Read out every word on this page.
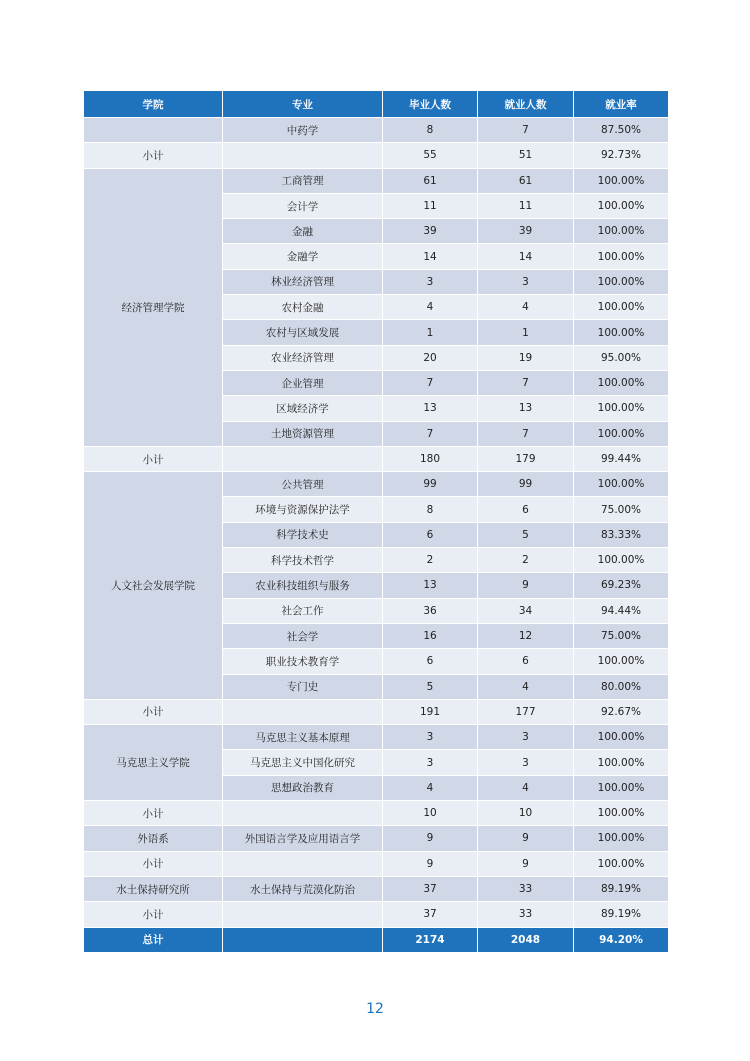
学院	专业	毕业人数	就业人数	就业率
	中药学	8	7	87.50%
小计		55	51	92.73%
经济管理学院	工商管理	61	61	100.00%
	会计学	11	11	100.00%
	金融	39	39	100.00%
	金融学	14	14	100.00%
	林业经济管理	3	3	100.00%
	农村金融	4	4	100.00%
	农村与区域发展	1	1	100.00%
	农业经济管理	20	19	95.00%
	企业管理	7	7	100.00%
	区域经济学	13	13	100.00%
	土地资源管理	7	7	100.00%
小计		180	179	99.44%
人文社会发展学院	公共管理	99	99	100.00%
	环境与资源保护法学	8	6	75.00%
	科学技术史	6	5	83.33%
	科学技术哲学	2	2	100.00%
	农业科技组织与服务	13	9	69.23%
	社会工作	36	34	94.44%
	社会学	16	12	75.00%
	职业技术教育学	6	6	100.00%
	专门史	5	4	80.00%
小计		191	177	92.67%
马克思主义学院	马克思主义基本原理	3	3	100.00%
	马克思主义中国化研究	3	3	100.00%
	思想政治教育	4	4	100.00%
小计		10	10	100.00%
外语系	外国语言学及应用语言学	9	9	100.00%
小计		9	9	100.00%
水土保持研究所	水土保持与荒漠化防治	37	33	89.19%
小计		37	33	89.19%
总计		2174	2048	94.20%
12
